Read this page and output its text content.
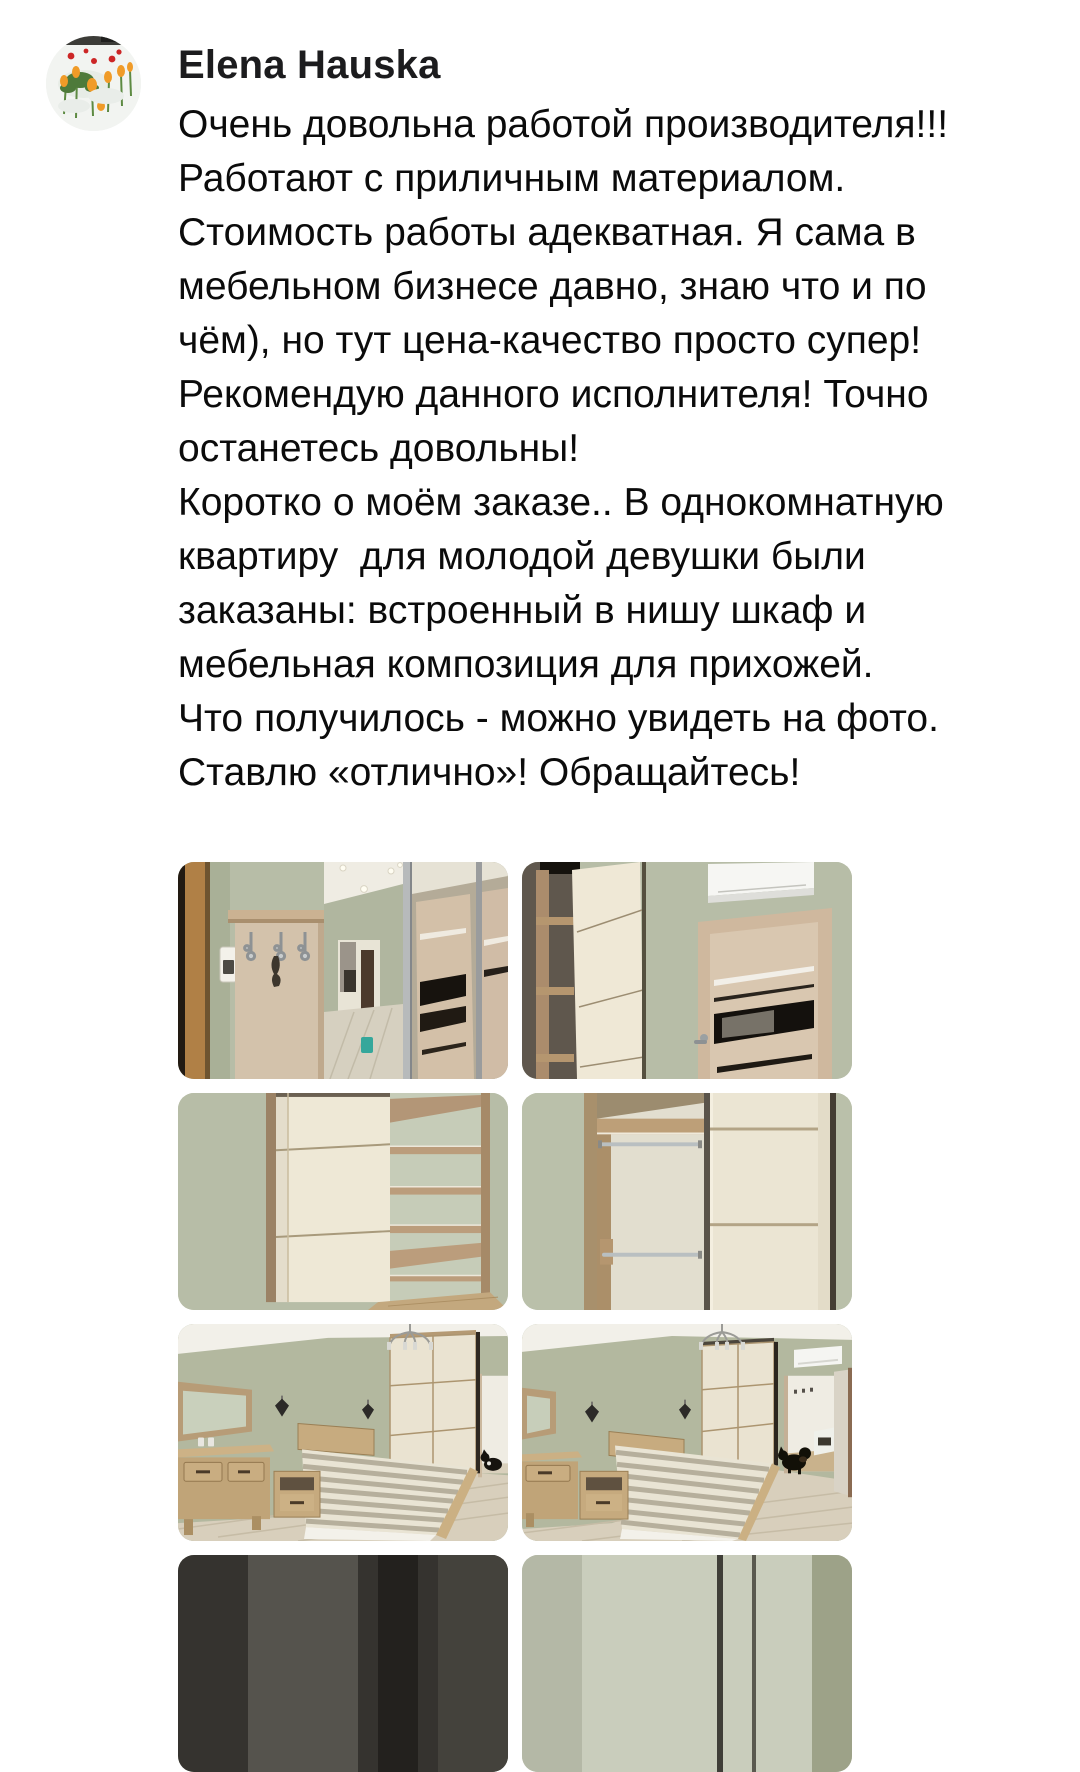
Elena Hauska
Очень довольна работой производителя!!!
Работают с приличным материалом.
Стоимость работы адекватная. Я сама в
мебельном бизнесе давно, знаю что и по
чём), но тут цена-качество просто супер!
Рекомендую данного исполнителя! Точно
останетесь довольны!
Коротко о моём заказе.. В однокомнатную
квартиру  для молодой девушки были
заказаны: встроенный в нишу шкаф и
мебельная композиция для прихожей.
Что получилось - можно увидеть на фото.
Ставлю «отлично»! Обращайтесь!
